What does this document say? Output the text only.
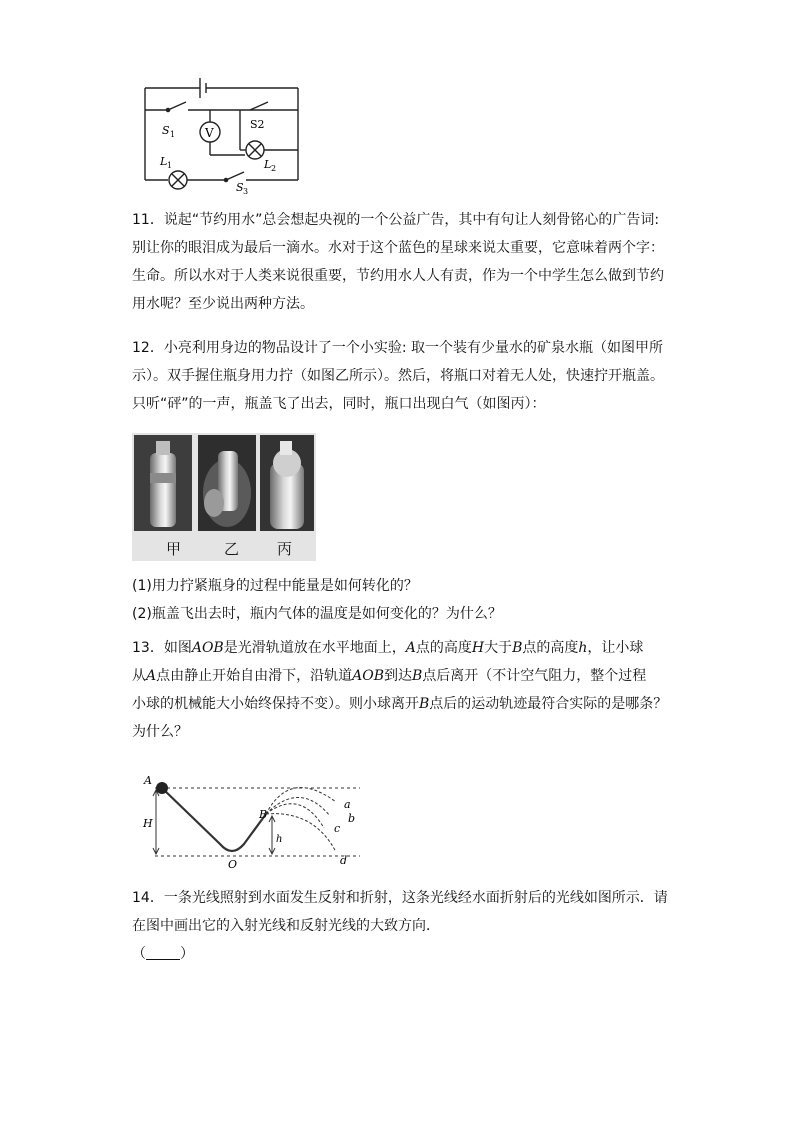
S 1
S2
V
L 1	L 2
S 3
11．说起“节约用水”总会想起央视的一个公益广告，其中有句让人刻骨铭心的广告词:
别让你的眼泪成为最后一滴水。水对于这个蓝色的星球来说太重要，它意味着两个字：
生命。所以水对于人类来说很重要，节约用水人人有责，作为一个中学生怎么做到节约
用水呢？至少说出两种方法。
12．小亮利用身边的物品设计了一个小实验: 取一个装有少量水的矿泉水瓶（如图甲所
示）。双手握住瓶身用力拧（如图乙所示）。然后，将瓶口对着无人处，快速拧开瓶盖。
只听“砰”的一声，瓶盖飞了出去，同时，瓶口出现白气（如图丙）：
甲	乙	丙
(1)用力拧紧瓶身的过程中能量是如何转化的？
(2)瓶盖飞出去时，瓶内气体的温度是如何变化的？为什么？
13．如图AOB是光滑轨道放在水平地面上，A点的高度H大于B点的高度h，让小球
从A点由静止开始自由滑下，沿轨道AOB到达B点后离开（不计空气阻力，整个过程
小球的机械能大小始终保持不变）。则小球离开B点后的运动轨迹最符合实际的是哪条？
为什么？
A
H
B
h
O
a
b
c
d
14．一条光线照射到水面发生反射和折射，这条光线经水面折射后的光线如图所示．请
在图中画出它的入射光线和反射光线的大致方向．
（ ）
